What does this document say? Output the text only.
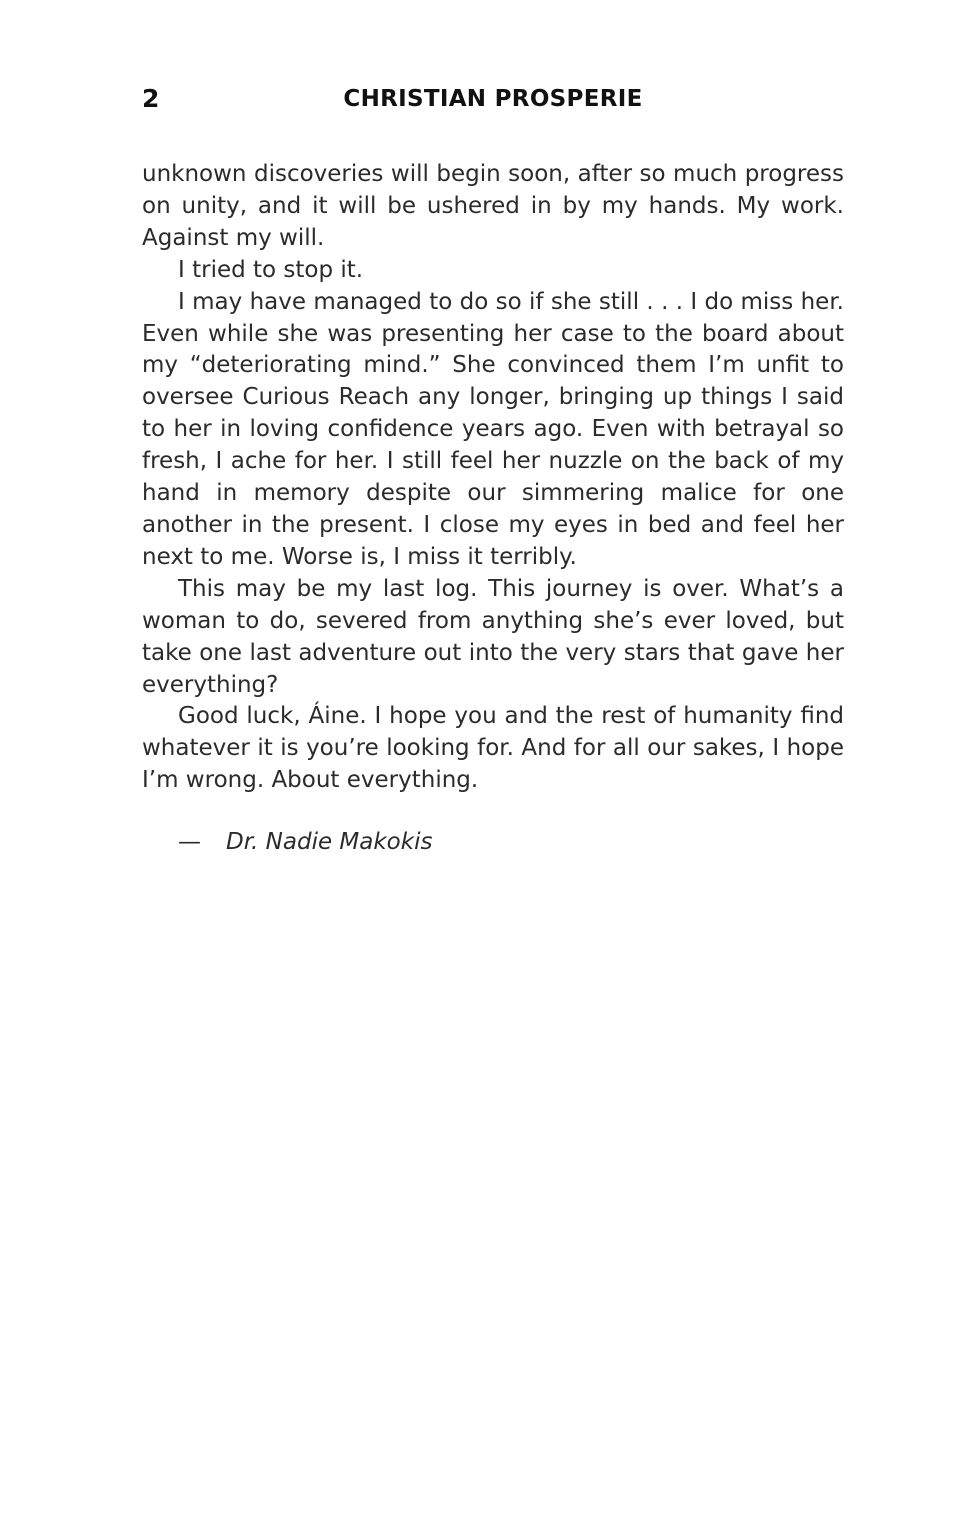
2	CHRISTIAN PROSPERIE

unknown discoveries will begin soon, after so much progress on unity, and it will be ushered in by my hands. My work. Against my will.

I tried to stop it.

I may have managed to do so if she still . . . I do miss her. Even while she was presenting her case to the board about my “deteriorating mind.” She convinced them I’m unfit to oversee Curious Reach any longer, bringing up things I said to her in loving confidence years ago. Even with betrayal so fresh, I ache for her. I still feel her nuzzle on the back of my hand in memory despite our simmering malice for one another in the present. I close my eyes in bed and feel her next to me. Worse is, I miss it terribly.

This may be my last log. This journey is over. What’s a woman to do, severed from anything she’s ever loved, but take one last adventure out into the very stars that gave her everything?

Good luck, Áine. I hope you and the rest of humanity find whatever it is you’re looking for. And for all our sakes, I hope I’m wrong. About everything.

— Dr. Nadie Makokis
